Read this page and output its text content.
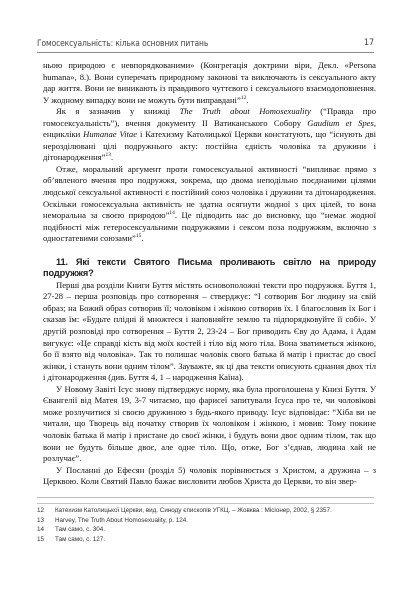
Гомосексуальність: кілька основних питань	17

ньою природою є невпорядкованими» (Конгрегація доктрини віри, Декл. «Persona humana», 8.). Вони суперечать природному законові та виключають із сексуального акту дар життя. Вони не виникають із правдивого чуттєвого і сексуального взаємодоповнення. У жодному випадку вони не можуть бути виправдані”$^{12}$.

Як я зазначив у книжці The Truth about Homosexuality (“Правда про гомосексуальність”), вчення документу II Ватиканського Собору Gaudium et Spes, енцикліки Humanae Vitae і Катехизму Католицької Церкви констатують, що “існують дві нерозділювані цілі подружнього акту: постійна єдність чоловіка та дружини і дітонародження”$^{13}$.

Отже, моральний аргумент проти гомосексуальної активності “випливає прямо з об’явленого вчення про подружжя, зокрема, що двома неподільно поєднаними цілями людської сексуальної активності є постійний союз чоловіка і дружини та дітонародження. Оскільки гомосексуальна активність не здатна осягнути жодної з цих цілей, то вона неморальна за своєю природою”$^{14}$. Це підводить нас до висновку, що “немає жодної подібності між гетеросексуальними подружжями і сексом поза подружжям, включно з одностатевими союзами”$^{15}$.

11. Які тексти Святого Письма проливають світло на природу подружжя?

Перші два розділи Книги Буття містять основоположні тексти про подружжя. Буття 1, 27-28 – перша розповідь про сотворення – стверджує: “І сотворив Бог людину на свій образ; на Божий образ сотворив її; чоловіком і жінкою сотворив їх. І благословив їх Бог і сказав їм: «Будьте плідні й множтеся і наповняйте землю та підпорядковуйте її собі». У другій розповіді про сотворення – Буття 2, 23-24 – Бог приводить Єву до Адама, і Адам вигукує: «Це справді кість від моїх костей і тіло від мого тіла. Вона зватиметься жінкою, бо її взято від чоловіка». Так то полишає чоловік свого батька й матір і пристає до своєї жінки, і стануть вони одним тілом”. Зауважте, як ці два тексти описують єднання двох тіл і дітонародження (див. Буття 4, 1 – народження Каїна).

У Новому Завіті Ісус знову підтверджує норму, яка була проголошена у Книзі Буття. У Євангелії від Матея 19, 3-7 читаємо, що фарисеї запитували Ісуса про те, чи чоловікові може розлучитися зі своєю дружиною з будь-якого приводу. Ісус відповідає: “Хіба ви не читали, що Творець від початку створив їх чоловіком і жінкою, і мовив: Тому покине чоловік батька й матір і пристане до своєї жінки, і будуть вони двоє одним тілом, так що вони не будуть більше двоє, але одне тіло. Що, отже, Бог з’єднав, людина хай не розлучає”.

У Посланні до Ефесян (розділ 5) чоловік порівнюється з Христом, а дружина – з Церквою. Коли Святий Павло бажає висловити любов Христа до Церкви, то він звер-

12	Катехизм Католицької Церкви, вид. Синоду єпископів УГКЦ. – Жовква : Місіонер, 2002, § 2357.
13	Harvey, The Truth About Homosexuality, p. 124.
14	Там само, с. 304.
15	Там само, с. 127.
